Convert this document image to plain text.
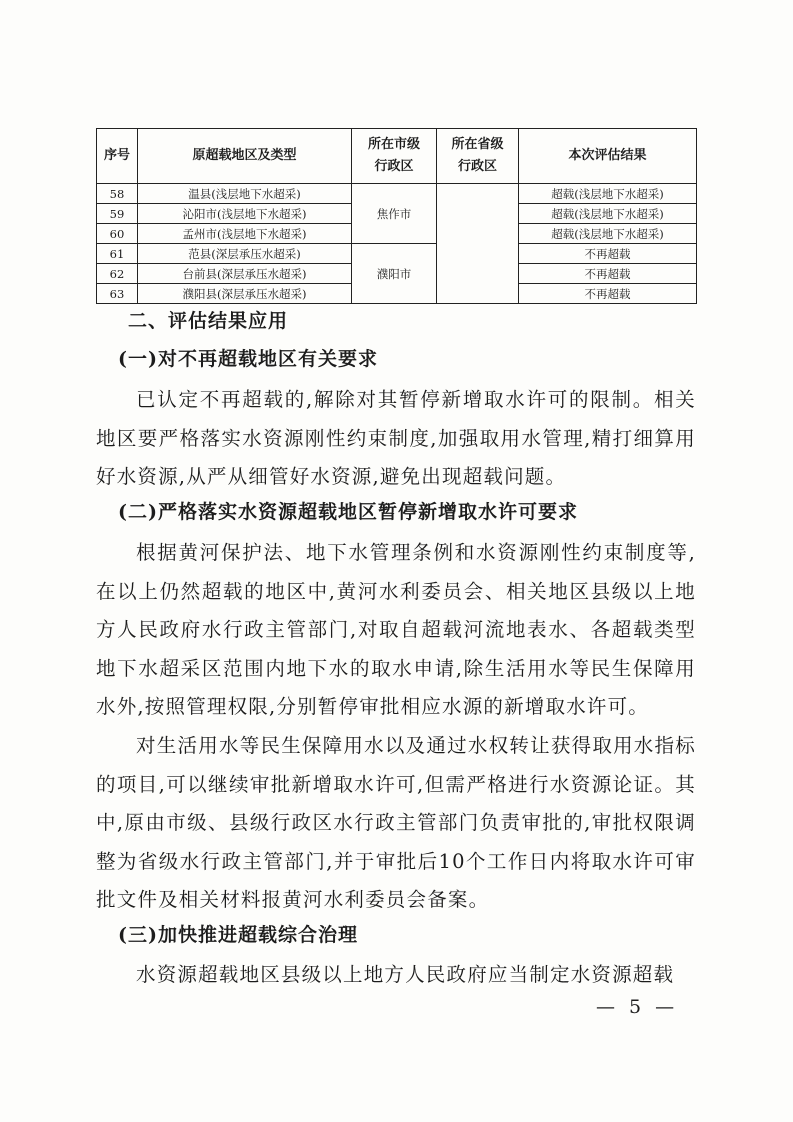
序号	原超载地区及类型	所在市级行政区	所在省级行政区	本次评估结果
58	温县(浅层地下水超采)	焦作市		超载(浅层地下水超采)
59	沁阳市(浅层地下水超采)			超载(浅层地下水超采)
60	孟州市(浅层地下水超采)			超载(浅层地下水超采)
61	范县(深层承压水超采)	濮阳市		不再超载
62	台前县(深层承压水超采)			不再超载
63	濮阳县(深层承压水超采)			不再超载
二、评估结果应用
(一)对不再超载地区有关要求
已认定不再超载的,解除对其暂停新增取水许可的限制。相关地区要严格落实水资源刚性约束制度,加强取用水管理,精打细算用好水资源,从严从细管好水资源,避免出现超载问题。
(二)严格落实水资源超载地区暂停新增取水许可要求
根据黄河保护法、地下水管理条例和水资源刚性约束制度等,在以上仍然超载的地区中,黄河水利委员会、相关地区县级以上地方人民政府水行政主管部门,对取自超载河流地表水、各超载类型地下水超采区范围内地下水的取水申请,除生活用水等民生保障用水外,按照管理权限,分别暂停审批相应水源的新增取水许可。
对生活用水等民生保障用水以及通过水权转让获得取用水指标的项目,可以继续审批新增取水许可,但需严格进行水资源论证。其中,原由市级、县级行政区水行政主管部门负责审批的,审批权限调整为省级水行政主管部门,并于审批后10个工作日内将取水许可审批文件及相关材料报黄河水利委员会备案。
(三)加快推进超载综合治理
水资源超载地区县级以上地方人民政府应当制定水资源超载
— 5 —
